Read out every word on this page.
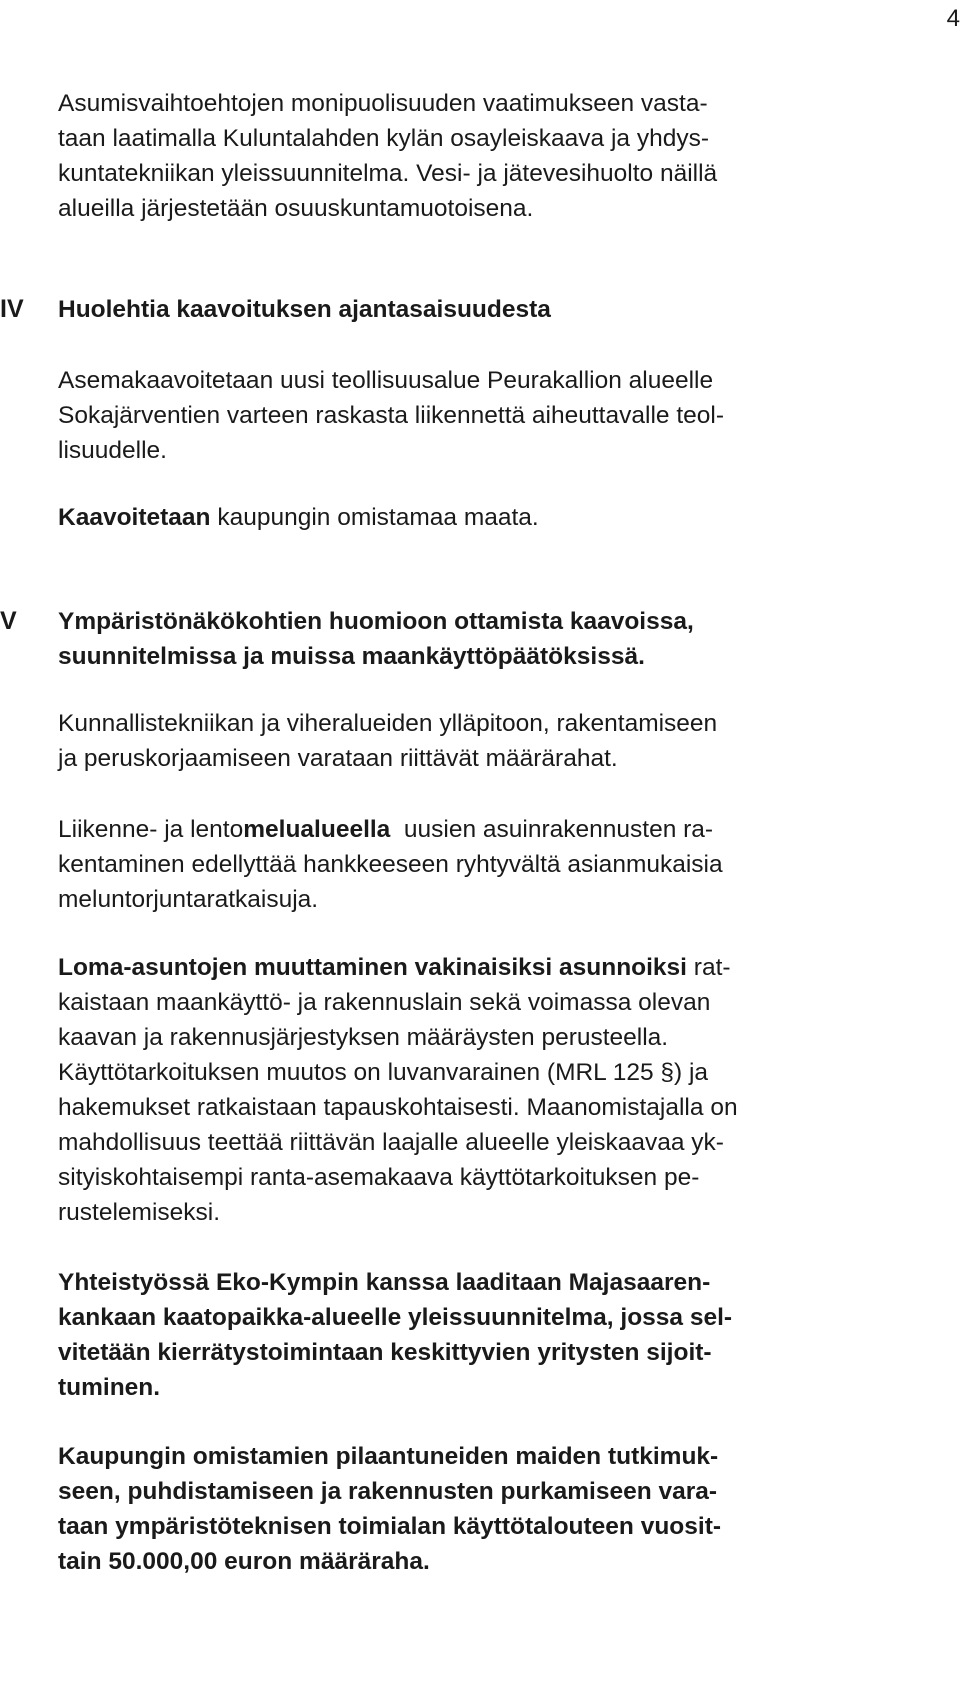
4
Asumisvaihtoehtojen monipuolisuuden vaatimukseen vasta-
taan laatimalla Kuluntalahden kylän osayleiskaava ja yhdys-
kuntatekniikan yleissuunnitelma. Vesi- ja jätevesihuolto näillä
alueilla järjestetään osuuskuntamuotoisena.
IV Huolehtia kaavoituksen ajantasaisuudesta
Asemakaavoitetaan uusi teollisuusalue Peurakallion alueelle
Sokajärventien varteen raskasta liikennettä aiheuttavalle teol-
lisuudelle.
Kaavoitetaan kaupungin omistamaa maata.
V Ympäristönäkökohtien huomioon ottamista kaavoissa,
suunnitelmissa ja muissa maankäyttöpäätöksissä.
Kunnallistekniikan ja viheralueiden ylläpitoon, rakentamiseen
ja peruskorjaamiseen varataan riittävät määrärahat.
Liikenne- ja lentomelualueella  uusien asuinrakennusten ra-
kentaminen edellyttää hankkeeseen ryhtyvältä asianmukaisia
meluntorjuntaratkaisuja.
Loma-asuntojen muuttaminen vakinaisiksi asunnoiksi rat-
kaistaan maankäyttö- ja rakennuslain sekä voimassa olevan
kaavan ja rakennusjärjestyksen määräysten perusteella.
Käyttötarkoituksen muutos on luvanvarainen (MRL 125 §) ja
hakemukset ratkaistaan tapauskohtaisesti. Maanomistajalla on
mahdollisuus teettää riittävän laajalle alueelle yleiskaavaa yk-
sityiskohtaisempi ranta-asemakaava käyttötarkoituksen pe-
rustelemiseksi.
Yhteistyössä Eko-Kympin kanssa laaditaan Majasaaren-
kankaan kaatopaikka-alueelle yleissuunnitelma, jossa sel-
vitetään kierrätystoimintaan keskittyvien yritysten sijoit-
tuminen.
Kaupungin omistamien pilaantuneiden maiden tutkimuk-
seen, puhdistamiseen ja rakennusten purkamiseen vara-
taan ympäristöteknisen toimialan käyttötalouteen vuosit-
tain 50.000,00 euron määräraha.
